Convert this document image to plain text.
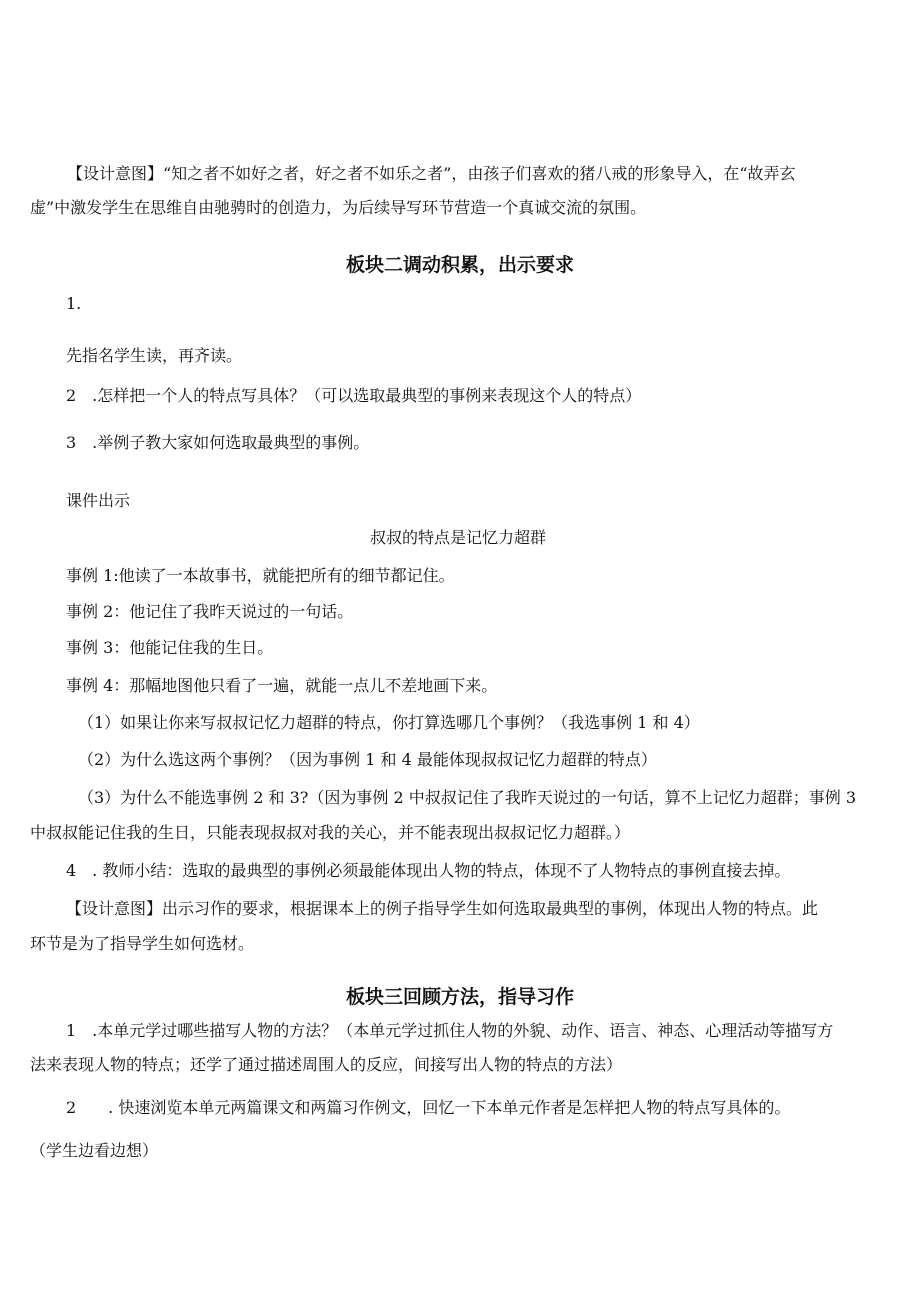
【设计意图】“知之者不如好之者，好之者不如乐之者”，由孩子们喜欢的猪八戒的形象导入，在“故弄玄
虚”中激发学生在思维自由驰骋时的创造力，为后续导写环节营造一个真诚交流的氛围。
板块二调动积累，出示要求
1.
先指名学生读，再齐读。
2　.怎样把一个人的特点写具体？（可以选取最典型的事例来表现这个人的特点）
3　.举例子教大家如何选取最典型的事例。
课件出示
叔叔的特点是记忆力超群
事例 1:他读了一本故事书，就能把所有的细节都记住。
事例 2：他记住了我昨天说过的一句话。
事例 3：他能记住我的生日。
事例 4：那幅地图他只看了一遍，就能一点儿不差地画下来。
（1）如果让你来写叔叔记忆力超群的特点，你打算选哪几个事例？（我选事例 1 和 4）
（2）为什么选这两个事例？（因为事例 1 和 4 最能体现叔叔记忆力超群的特点）
（3）为什么不能选事例 2 和 3?（因为事例 2 中叔叔记住了我昨天说过的一句话，算不上记忆力超群；事例 3
中叔叔能记住我的生日，只能表现叔叔对我的关心，并不能表现出叔叔记忆力超群。）
4　. 教师小结：选取的最典型的事例必须最能体现出人物的特点，体现不了人物特点的事例直接去掉。
【设计意图】出示习作的要求，根据课本上的例子指导学生如何选取最典型的事例，体现出人物的特点。此
环节是为了指导学生如何选材。
板块三回顾方法，指导习作
1　.本单元学过哪些描写人物的方法？（本单元学过抓住人物的外貌、动作、语言、神态、心理活动等描写方
法来表现人物的特点；还学了通过描述周围人的反应，间接写出人物的特点的方法）
2　　. 快速浏览本单元两篇课文和两篇习作例文，回忆一下本单元作者是怎样把人物的特点写具体的。
（学生边看边想）
